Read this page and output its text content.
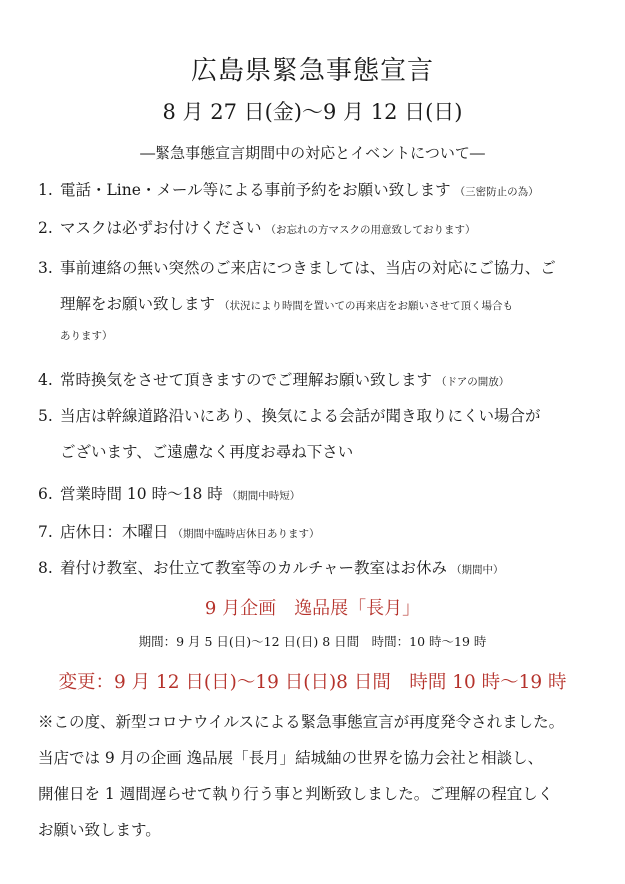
広島県緊急事態宣言
8 月 27 日(金)〜9 月 12 日(日)
―緊急事態宣言期間中の対応とイベントについて―
1. 電話・Line・メール等による事前予約をお願い致します （三密防止の為）
2. マスクは必ずお付けください （お忘れの方マスクの用意致しております）
3. 事前連絡の無い突然のご来店につきましては、当店の対応にご協力、ご
理解をお願い致します （状況により時間を置いての再来店をお願いさせて頂く場合も
あります）
4. 常時換気をさせて頂きますのでご理解お願い致します （ドアの開放）
5. 当店は幹線道路沿いにあり、換気による会話が聞き取りにくい場合が
ございます、ご遠慮なく再度お尋ね下さい
6. 営業時間 10 時〜18 時 （期間中時短）
7. 店休日：木曜日 （期間中臨時店休日あります）
8. 着付け教室、お仕立て教室等のカルチャー教室はお休み （期間中）
9 月企画　逸品展「長月」
期間：9 月 5 日(日)〜12 日(日) 8 日間　時間：10 時〜19 時
変更：9 月 12 日(日)〜19 日(日)8 日間　時間 10 時〜19 時
※この度、新型コロナウイルスによる緊急事態宣言が再度発令されました。
当店では 9 月の企画 逸品展「長月」結城紬の世界を協力会社と相談し、
開催日を 1 週間遅らせて執り行う事と判断致しました。ご理解の程宜しく
お願い致します。
